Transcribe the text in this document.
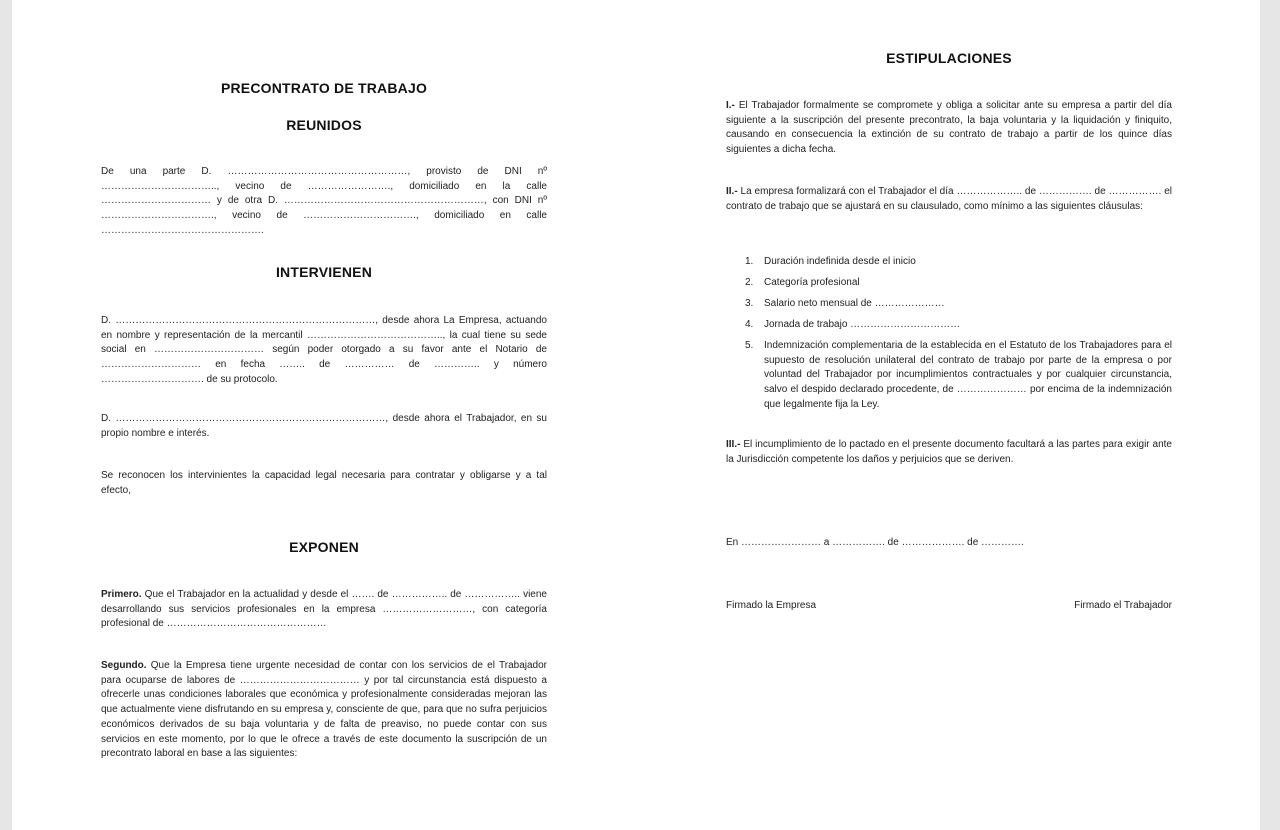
PRECONTRATO DE TRABAJO
REUNIDOS
De una parte D. ………………………………………………, provisto de DNI nº …………………………….., vecino de ……………………., domiciliado en la calle …………………………… y de otra D. ……………………………………………………, con DNI nº ……………………………., vecino de ……………………………., domiciliado en calle ………………………………………….
INTERVIENEN
D. ……………………………………………………………………, desde ahora La Empresa, actuando en nombre y representación de la mercantil ………………………………….., la cual tiene su sede social en …………………………… según poder otorgado a su favor ante el Notario de ………………………… en fecha …….. de …………… de ………….. y número …………………………. de su protocolo.
D. ………………………………………………………………………, desde ahora el Trabajador, en su propio nombre e interés.
Se reconocen los intervinientes la capacidad legal necesaria para contratar y obligarse y a tal efecto,
EXPONEN
Primero. Que el Trabajador en la actualidad y desde el ……. de …………….. de …………….. viene desarrollando sus servicios profesionales en la empresa ………………………, con categoría profesional de …………………………………………
Segundo. Que la Empresa tiene urgente necesidad de contar con los servicios de el Trabajador para ocuparse de labores de ……………………………… y por tal circunstancia está dispuesto a ofrecerle unas condiciones laborales que económica y profesionalmente consideradas mejoran las que actualmente viene disfrutando en su empresa y, consciente de que, para que no sufra perjuicios económicos derivados de su baja voluntaria y de falta de preaviso, no puede contar con sus servicios en este momento, por lo que le ofrece a través de este documento la suscripción de un precontrato laboral en base a las siguientes:
ESTIPULACIONES
I.- El Trabajador formalmente se compromete y obliga a solicitar ante su empresa a partir del día siguiente a la suscripción del presente precontrato, la baja voluntaria y la liquidación y finiquito, causando en consecuencia la extinción de su contrato de trabajo a partir de los quince días siguientes a dicha fecha.
II.- La empresa formalizará con el Trabajador el día ……………….. de ……………. de ……………. el contrato de trabajo que se ajustará en su clausulado, como mínimo a las siguientes cláusulas:
1. Duración indefinida desde el inicio
2. Categoría profesional
3. Salario neto mensual de …………………
4. Jornada de trabajo ……………………………
5. Indemnización complementaria de la establecida en el Estatuto de los Trabajadores para el supuesto de resolución unilateral del contrato de trabajo por parte de la empresa o por voluntad del Trabajador por incumplimientos contractuales y por cualquier circunstancia, salvo el despido declarado procedente, de ………………… por encima de la indemnización que legalmente fija la Ley.
III.- El incumplimiento de lo pactado en el presente documento facultará a las partes para exigir ante la Jurisdicción competente los daños y perjuicios que se deriven.
En …………………… a ……………. de ………………. de ………….
Firmado la Empresa	Firmado el Trabajador
